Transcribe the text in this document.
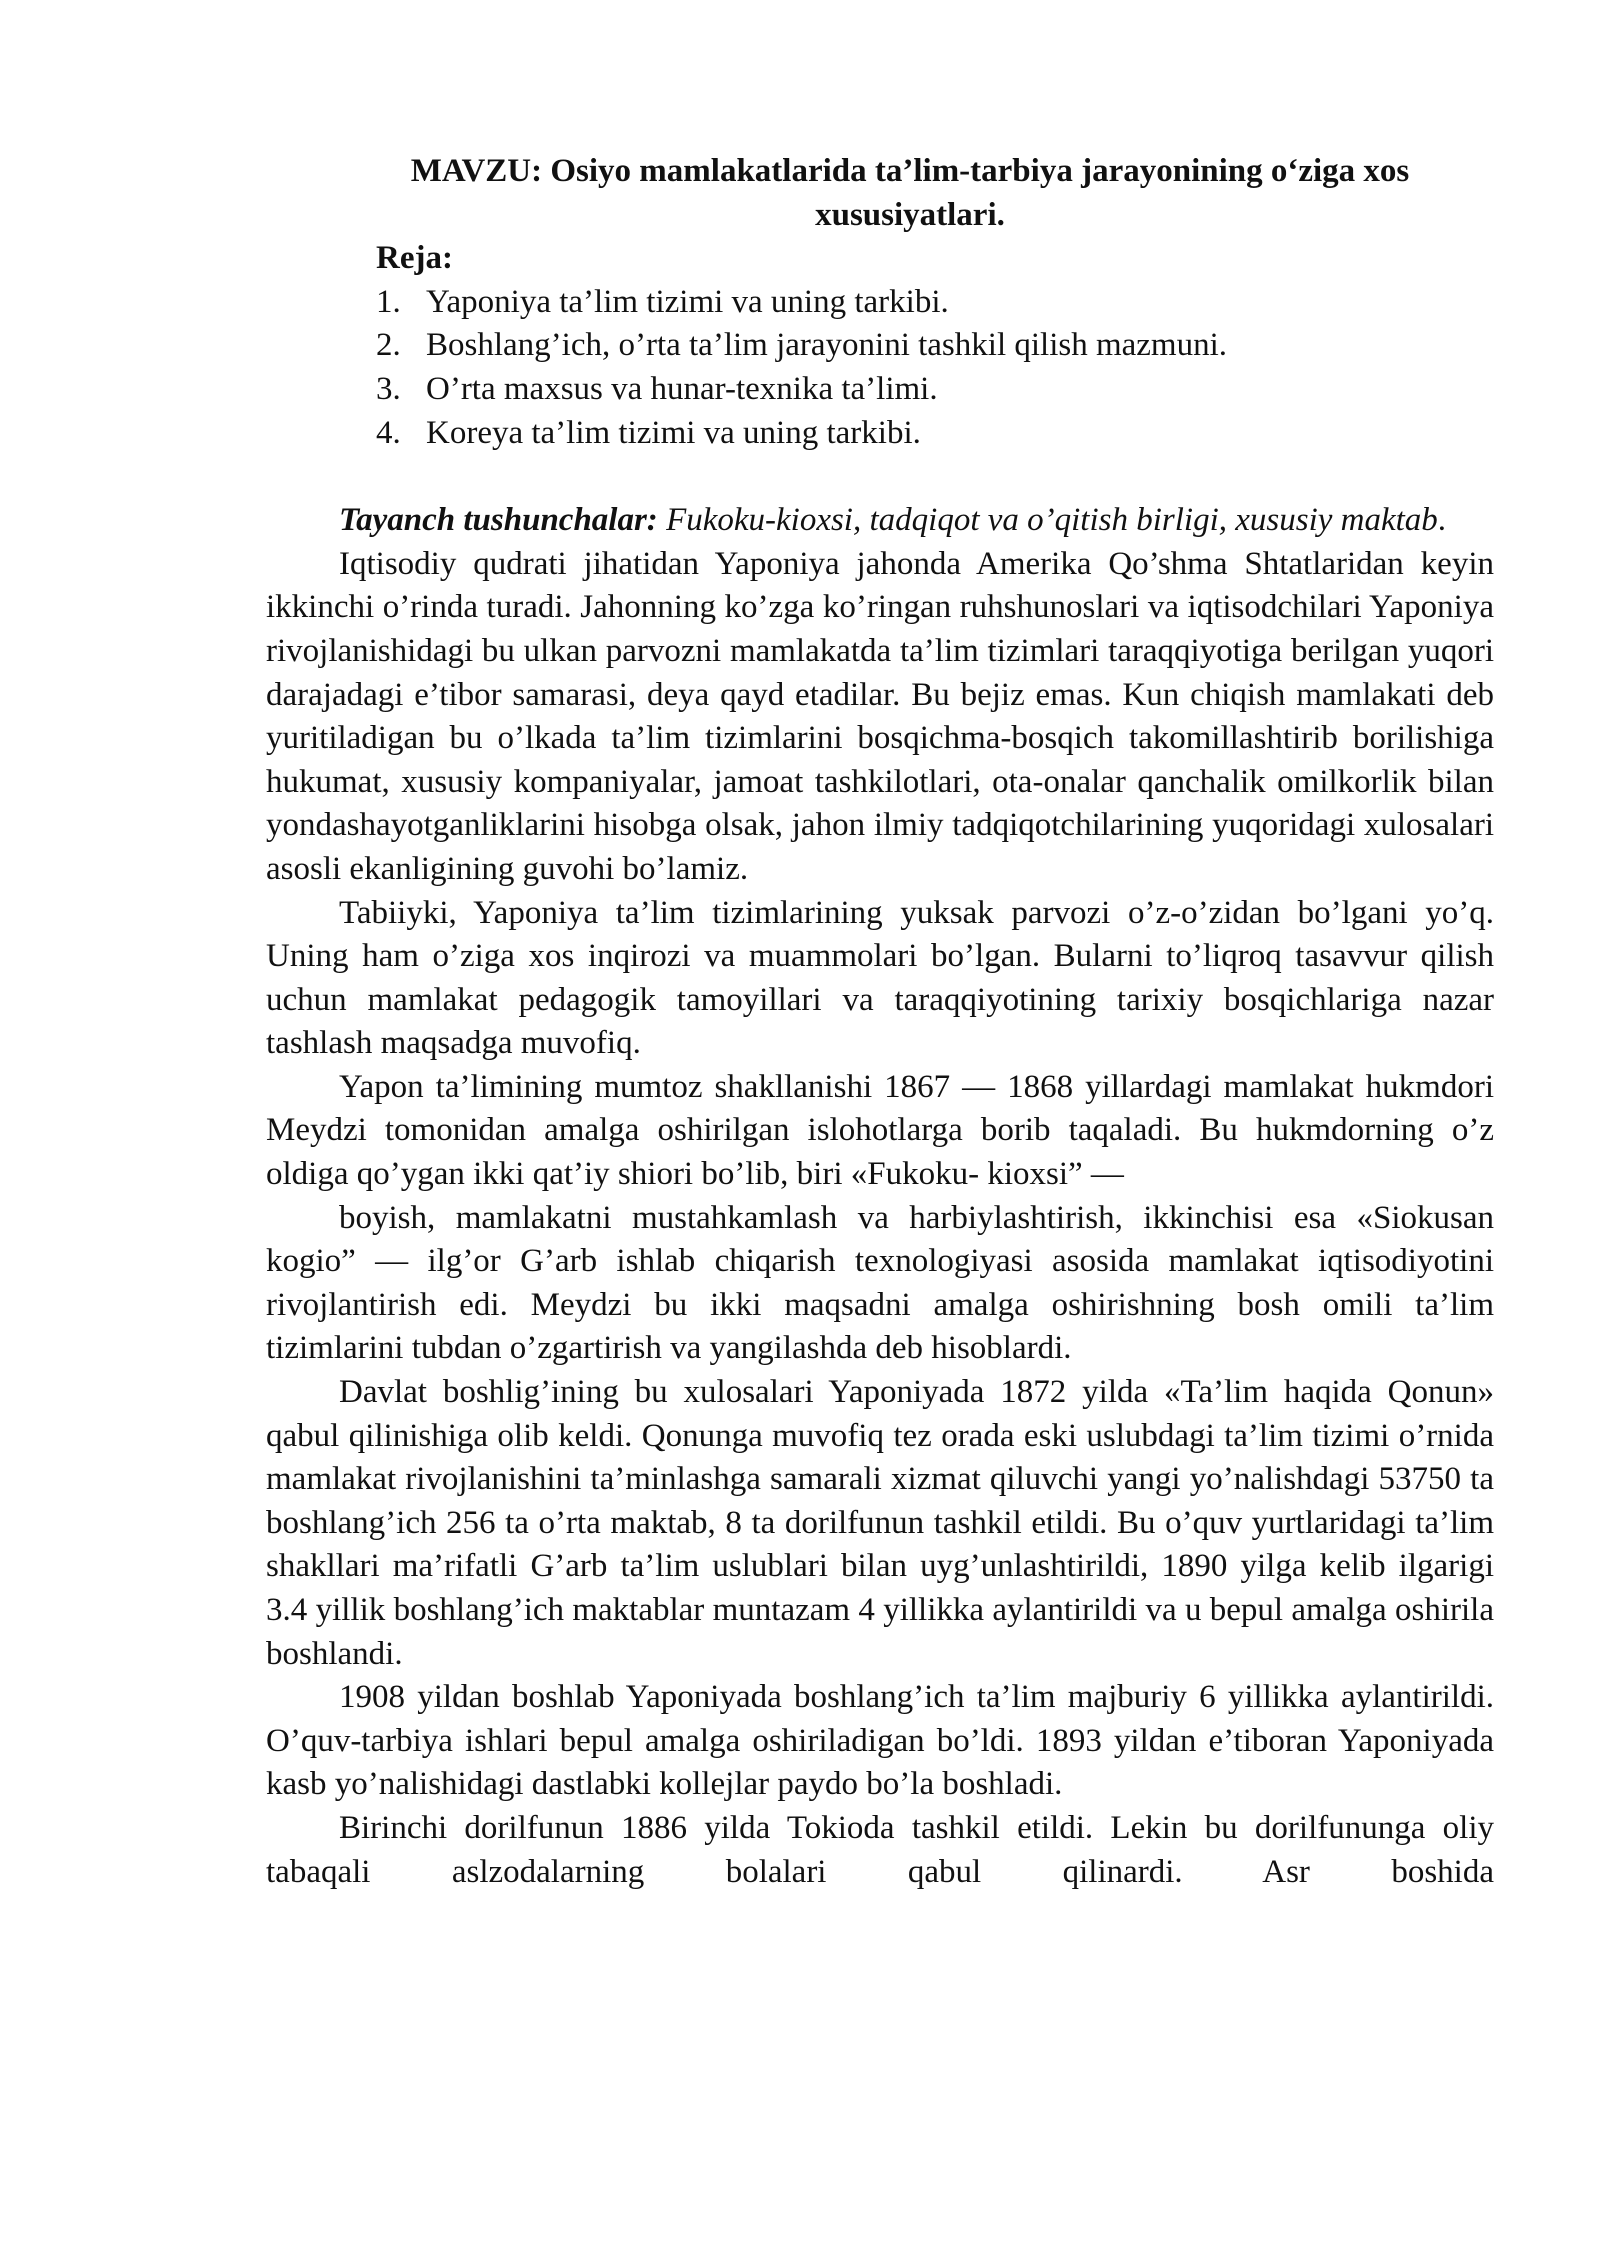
MAVZU: Osiyo mamlakatlarida ta’lim-tarbiya jarayonining o‘ziga xos
xususiyatlari.
Reja:
1. Yaponiya ta’lim tizimi va uning tarkibi.
2. Boshlang’ich, o’rta ta’lim jarayonini tashkil qilish mazmuni.
3. O’rta maxsus va hunar-texnika ta’limi.
4. Koreya ta’lim tizimi va uning tarkibi.

Tayanch tushunchalar: Fukoku-kioxsi, tadqiqot va o’qitish birligi, xususiy maktab.

Iqtisodiy qudrati jihatidan Yaponiya jahonda Amerika Qo’shma Shtatlaridan keyin ikkinchi o’rinda turadi. Jahonning ko’zga ko’ringan ruhshunoslari va iqtisodchilari Yaponiya rivojlanishidagi bu ulkan parvozni mamlakatda ta’lim tizimlari taraqqiyotiga berilgan yuqori darajadagi e’tibor samarasi, deya qayd etadilar. Bu bejiz emas. Kun chiqish mamlakati deb yuritiladigan bu o’lkada ta’lim tizimlarini bosqichma-bosqich takomillashtirib borilishiga hukumat, xususiy kompaniyalar, jamoat tashkilotlari, ota-onalar qanchalik omilkorlik bilan yondashayotganliklarini hisobga olsak, jahon ilmiy tadqiqotchilarining yuqoridagi xulosalari asosli ekanligining guvohi bo’lamiz.

Tabiiyki, Yaponiya ta’lim tizimlarining yuksak parvozi o’z-o’zidan bo’lgani yo’q. Uning ham o’ziga xos inqirozi va muammolari bo’lgan. Bularni to’liqroq tasavvur qilish uchun mamlakat pedagogik tamoyillari va taraqqiyotining tarixiy bosqichlariga nazar tashlash maqsadga muvofiq.

Yapon ta’limining mumtoz shakllanishi 1867 — 1868 yillardagi mamlakat hukmdori Meydzi tomonidan amalga oshirilgan islohotlarga borib taqaladi. Bu hukmdorning o’z oldiga qo’ygan ikki qat’iy shiori bo’lib, biri «Fukoku- kioxsi” —

boyish, mamlakatni mustahkamlash va harbiylashtirish, ikkinchisi esa «Siokusan kogio” — ilg’or G’arb ishlab chiqarish texnologiyasi asosida mamlakat iqtisodiyotini rivojlantirish edi. Meydzi bu ikki maqsadni amalga oshirishning bosh omili ta’lim tizimlarini tubdan o’zgartirish va yangilashda deb hisoblardi.

Davlat boshlig’ining bu xulosalari Yaponiyada 1872 yilda «Ta’lim haqida Qonun» qabul qilinishiga olib keldi. Qonunga muvofiq tez orada eski uslubdagi ta’lim tizimi o’rnida mamlakat rivojlanishini ta’minlashga samarali xizmat qiluvchi yangi yo’nalishdagi 53750 ta boshlang’ich 256 ta o’rta maktab, 8 ta dorilfunun tashkil etildi. Bu o’quv yurtlaridagi ta’lim shakllari ma’rifatli G’arb ta’lim uslublari bilan uyg’unlashtirildi, 1890 yilga kelib ilgarigi 3.4 yillik boshlang’ich maktablar muntazam 4 yillikka aylantirildi va u bepul amalga oshirila boshlandi.

1908 yildan boshlab Yaponiyada boshlang’ich ta’lim majburiy 6 yillikka aylantirildi. O’quv-tarbiya ishlari bepul amalga oshiriladigan bo’ldi. 1893 yildan e’tiboran Yaponiyada kasb yo’nalishidagi dastlabki kollejlar paydo bo’la boshladi.

Birinchi dorilfunun 1886 yilda Tokioda tashkil etildi. Lekin bu dorilfununga oliy tabaqali aslzodalarning bolalari qabul qilinardi. Asr boshida
